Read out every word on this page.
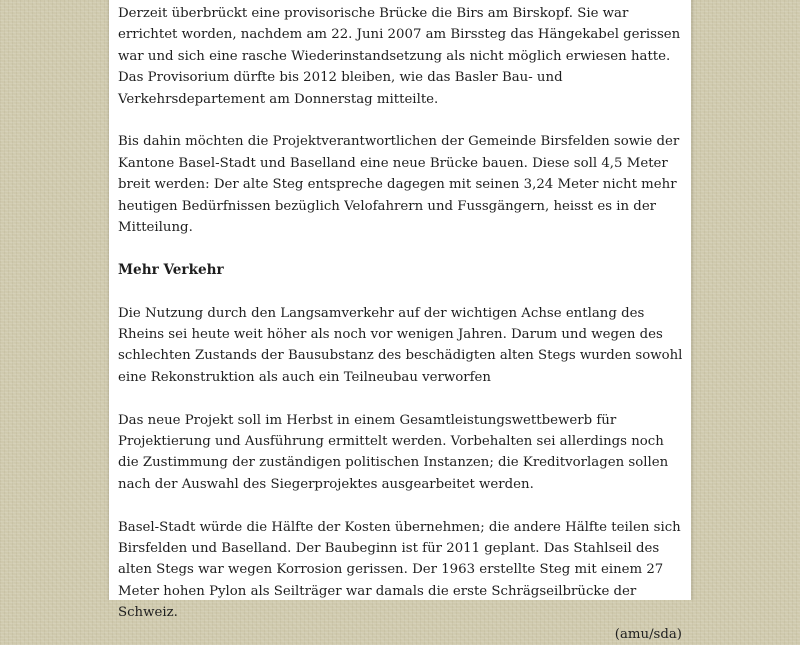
Derzeit überbrückt eine provisorische Brücke die Birs am Birskopf. Sie war errichtet worden, nachdem am 22. Juni 2007 am Birssteg das Hängekabel gerissen war und sich eine rasche Wiederinstandsetzung als nicht möglich erwiesen hatte. Das Provisorium dürfte bis 2012 bleiben, wie das Basler Bau- und Verkehrsdepartement am Donnerstag mitteilte.

Bis dahin möchten die Projektverantwortlichen der Gemeinde Birsfelden sowie der Kantone Basel-Stadt und Baselland eine neue Brücke bauen. Diese soll 4,5 Meter breit werden: Der alte Steg entspreche dagegen mit seinen 3,24 Meter nicht mehr heutigen Bedürfnissen bezüglich Velofahrern und Fussgängern, heisst es in der Mitteilung.

Mehr Verkehr

Die Nutzung durch den Langsamverkehr auf der wichtigen Achse entlang des Rheins sei heute weit höher als noch vor wenigen Jahren. Darum und wegen des schlechten Zustands der Bausubstanz des beschädigten alten Stegs wurden sowohl eine Rekonstruktion als auch ein Teilneubau verworfen

Das neue Projekt soll im Herbst in einem Gesamtleistungswettbewerb für Projektierung und Ausführung ermittelt werden. Vorbehalten sei allerdings noch die Zustimmung der zuständigen politischen Instanzen; die Kreditvorlagen sollen nach der Auswahl des Siegerprojektes ausgearbeitet werden.

Basel-Stadt würde die Hälfte der Kosten übernehmen; die andere Hälfte teilen sich Birsfelden und Baselland. Der Baubeginn ist für 2011 geplant. Das Stahlseil des alten Stegs war wegen Korrosion gerissen. Der 1963 erstellte Steg mit einem 27 Meter hohen Pylon als Seilträger war damals die erste Schrägseilbrücke der Schweiz.

(amu/sda)
